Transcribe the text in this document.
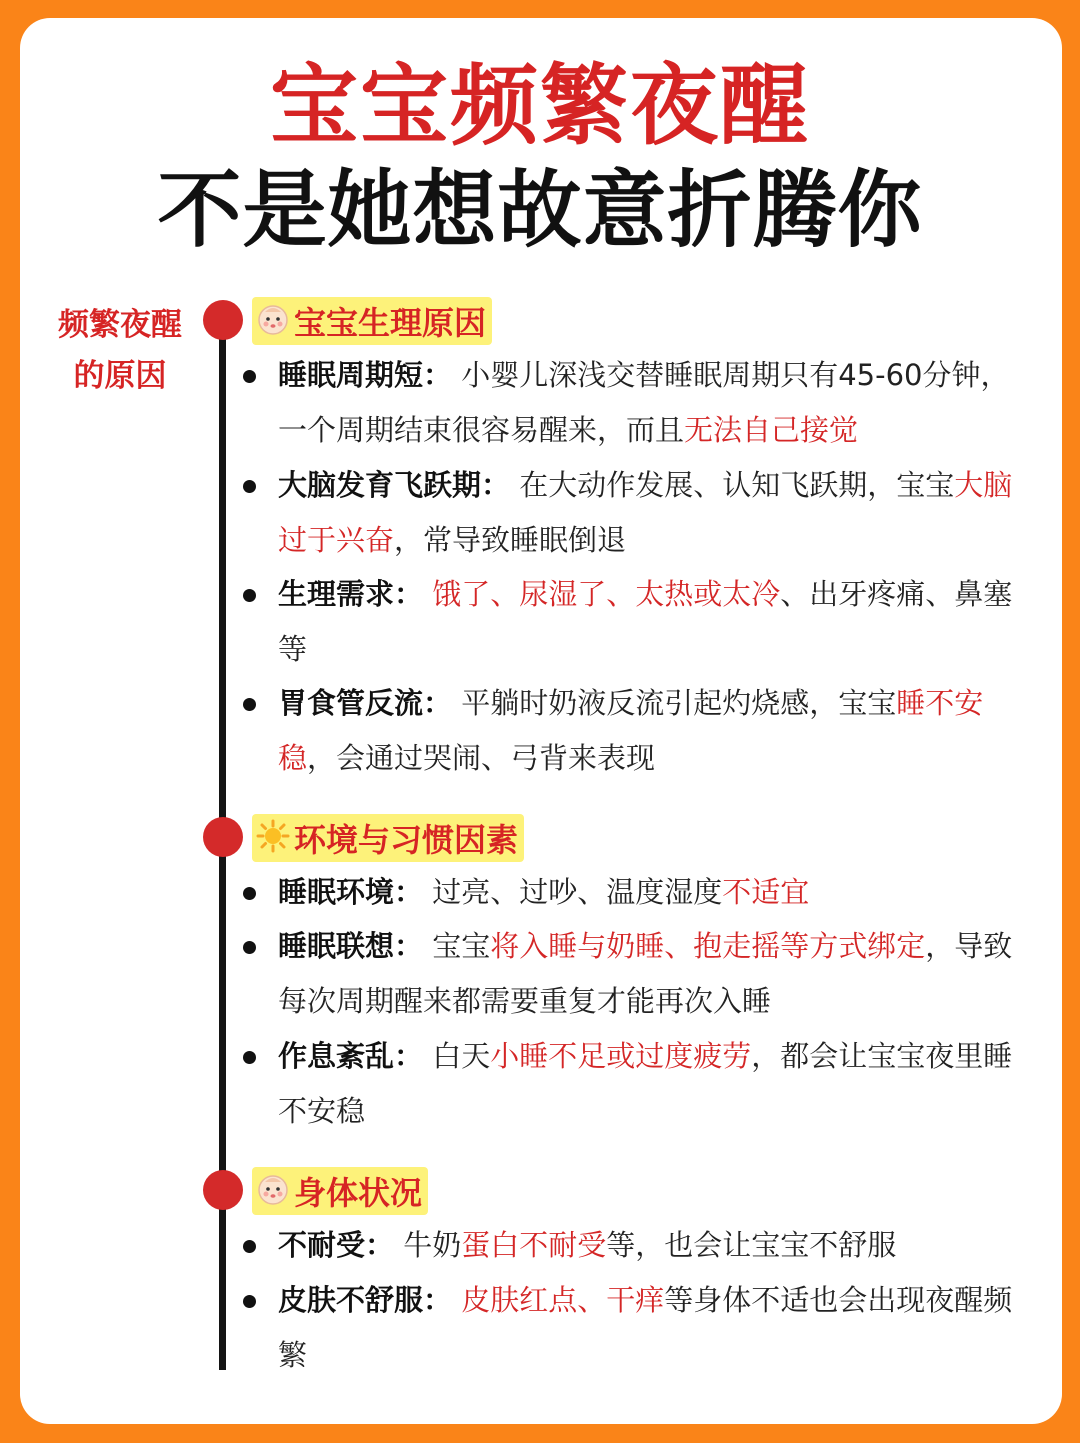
宝宝频繁夜醒
不是她想故意折腾你
频繁夜醒
的原因
宝宝生理原因
睡眠周期短： 小婴儿深浅交替睡眠周期只有45-60分钟，一个周期结束很容易醒来，而且无法自己接觉
大脑发育飞跃期： 在大动作发展、认知飞跃期，宝宝大脑过于兴奋，常导致睡眠倒退
生理需求： 饿了、尿湿了、太热或太冷、出牙疼痛、鼻塞等
胃食管反流： 平躺时奶液反流引起灼烧感，宝宝睡不安稳，会通过哭闹、弓背来表现
环境与习惯因素
睡眠环境： 过亮、过吵、温度湿度不适宜
睡眠联想： 宝宝将入睡与奶睡、抱走摇等方式绑定，导致每次周期醒来都需要重复才能再次入睡
作息紊乱： 白天小睡不足或过度疲劳，都会让宝宝夜里睡不安稳
身体状况
不耐受： 牛奶蛋白不耐受等，也会让宝宝不舒服
皮肤不舒服： 皮肤红点、干痒等身体不适也会出现夜醒频繁
